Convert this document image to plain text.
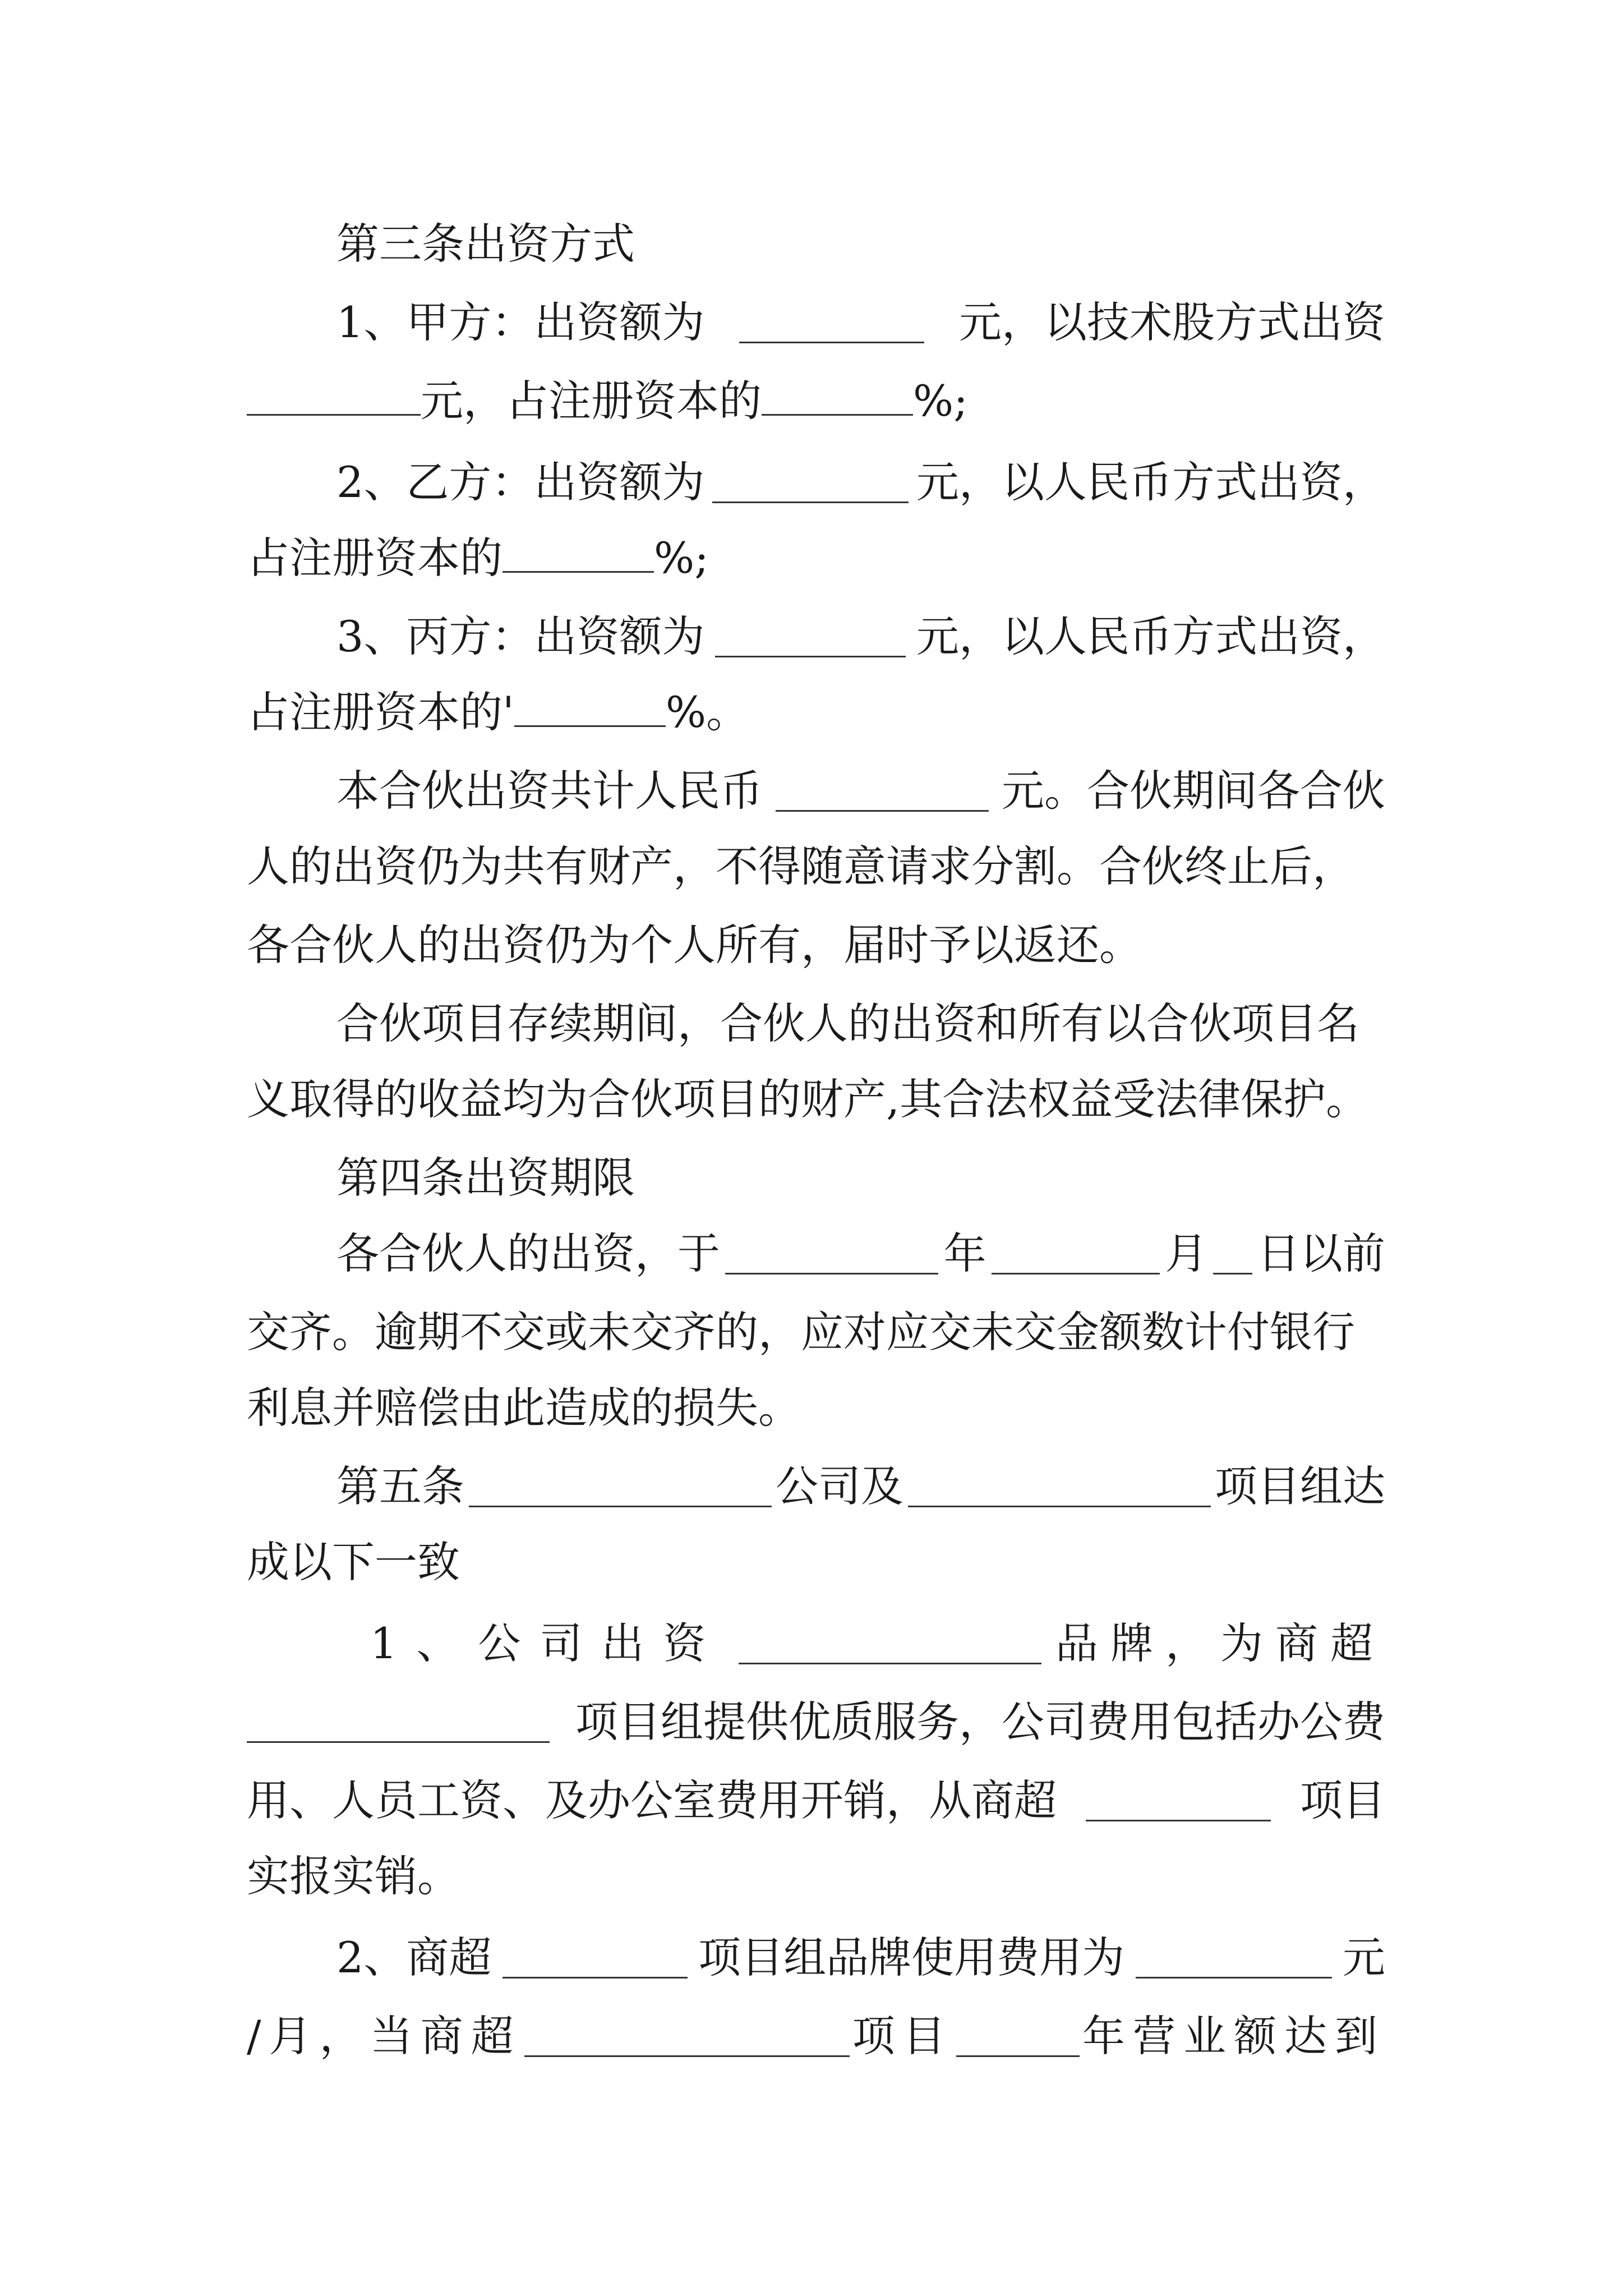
第三条出资方式
1、甲方：出资额为	元，以技术股方式出资
元，占注册资本的	%;
2、乙方：出资额为	元，以人民币方式出资，
占注册资本的	%;
3、丙方：出资额为	元，以人民币方式出资，
占注册资本的'	%。
本合伙出资共计人民币	元。合伙期间各合伙
人的出资仍为共有财产，不得随意请求分割。合伙终止后，
各合伙人的出资仍为个人所有，届时予以返还。
合伙项目存续期间，合伙人的出资和所有以合伙项目名
义取得的收益均为合伙项目的财产,其合法权益受法律保护。
第四条出资期限
各合伙人的出资，于	年	月 日以前
交齐。逾期不交或未交齐的，应对应交未交金额数计付银行
利息并赔偿由此造成的损失。
第五条	公司及	项目组达
成以下一致
1、公司出资	品牌，为商超
项目组提供优质服务，公司费用包括办公费
用、人员工资、及办公室费用开销，从商超	项目
实报实销。
2、商超	项目组品牌使用费用为	元
/月，当商超	项目	年营业额达到
